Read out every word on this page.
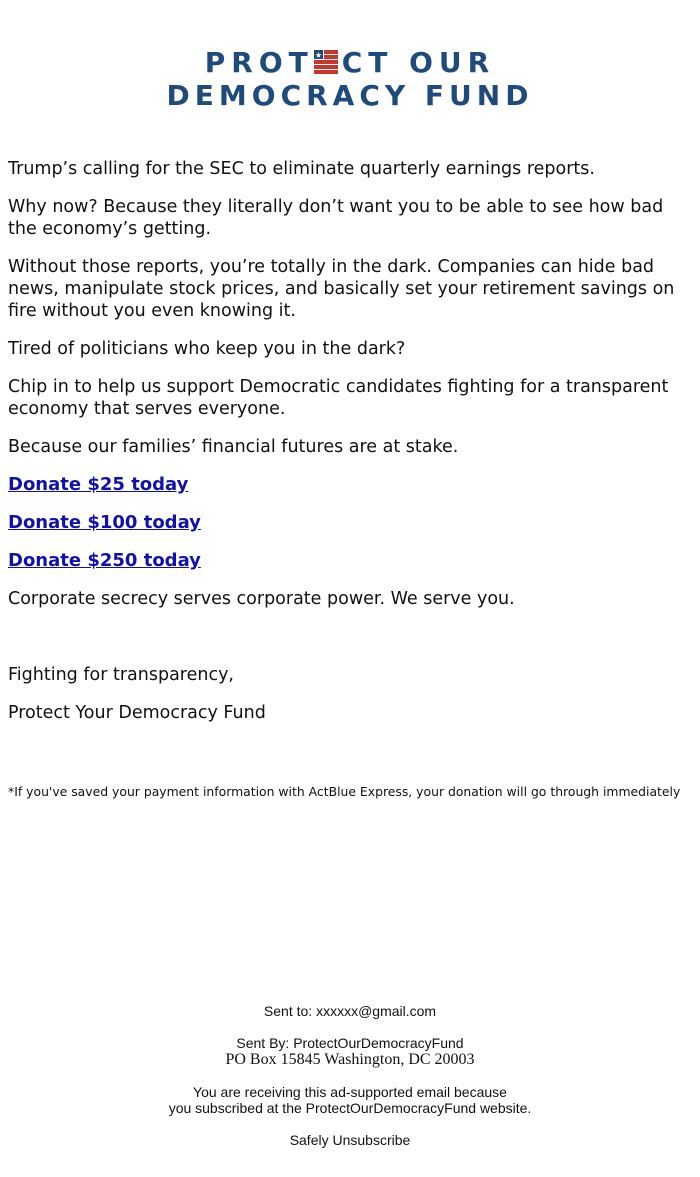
PROT CT OUR
DEMOCRACY FUND

Trump’s calling for the SEC to eliminate quarterly earnings reports.

Why now? Because they literally don’t want you to be able to see how bad the economy’s getting.

Without those reports, you’re totally in the dark. Companies can hide bad news, manipulate stock prices, and basically set your retirement savings on fire without you even knowing it.

Tired of politicians who keep you in the dark?

Chip in to help us support Democratic candidates fighting for a transparent economy that serves everyone.

Because our families’ financial futures are at stake.

Donate $25 today

Donate $100 today

Donate $250 today

Corporate secrecy serves corporate power. We serve you.

Fighting for transparency,

Protect Your Democracy Fund

*If you've saved your payment information with ActBlue Express, your donation will go through immediately
Sent to: xxxxxx@gmail.com
Sent By: ProtectOurDemocracyFund
PO Box 15845 Washington, DC 20003
You are receiving this ad-supported email because
you subscribed at the ProtectOurDemocracyFund website.
Safely Unsubscribe
